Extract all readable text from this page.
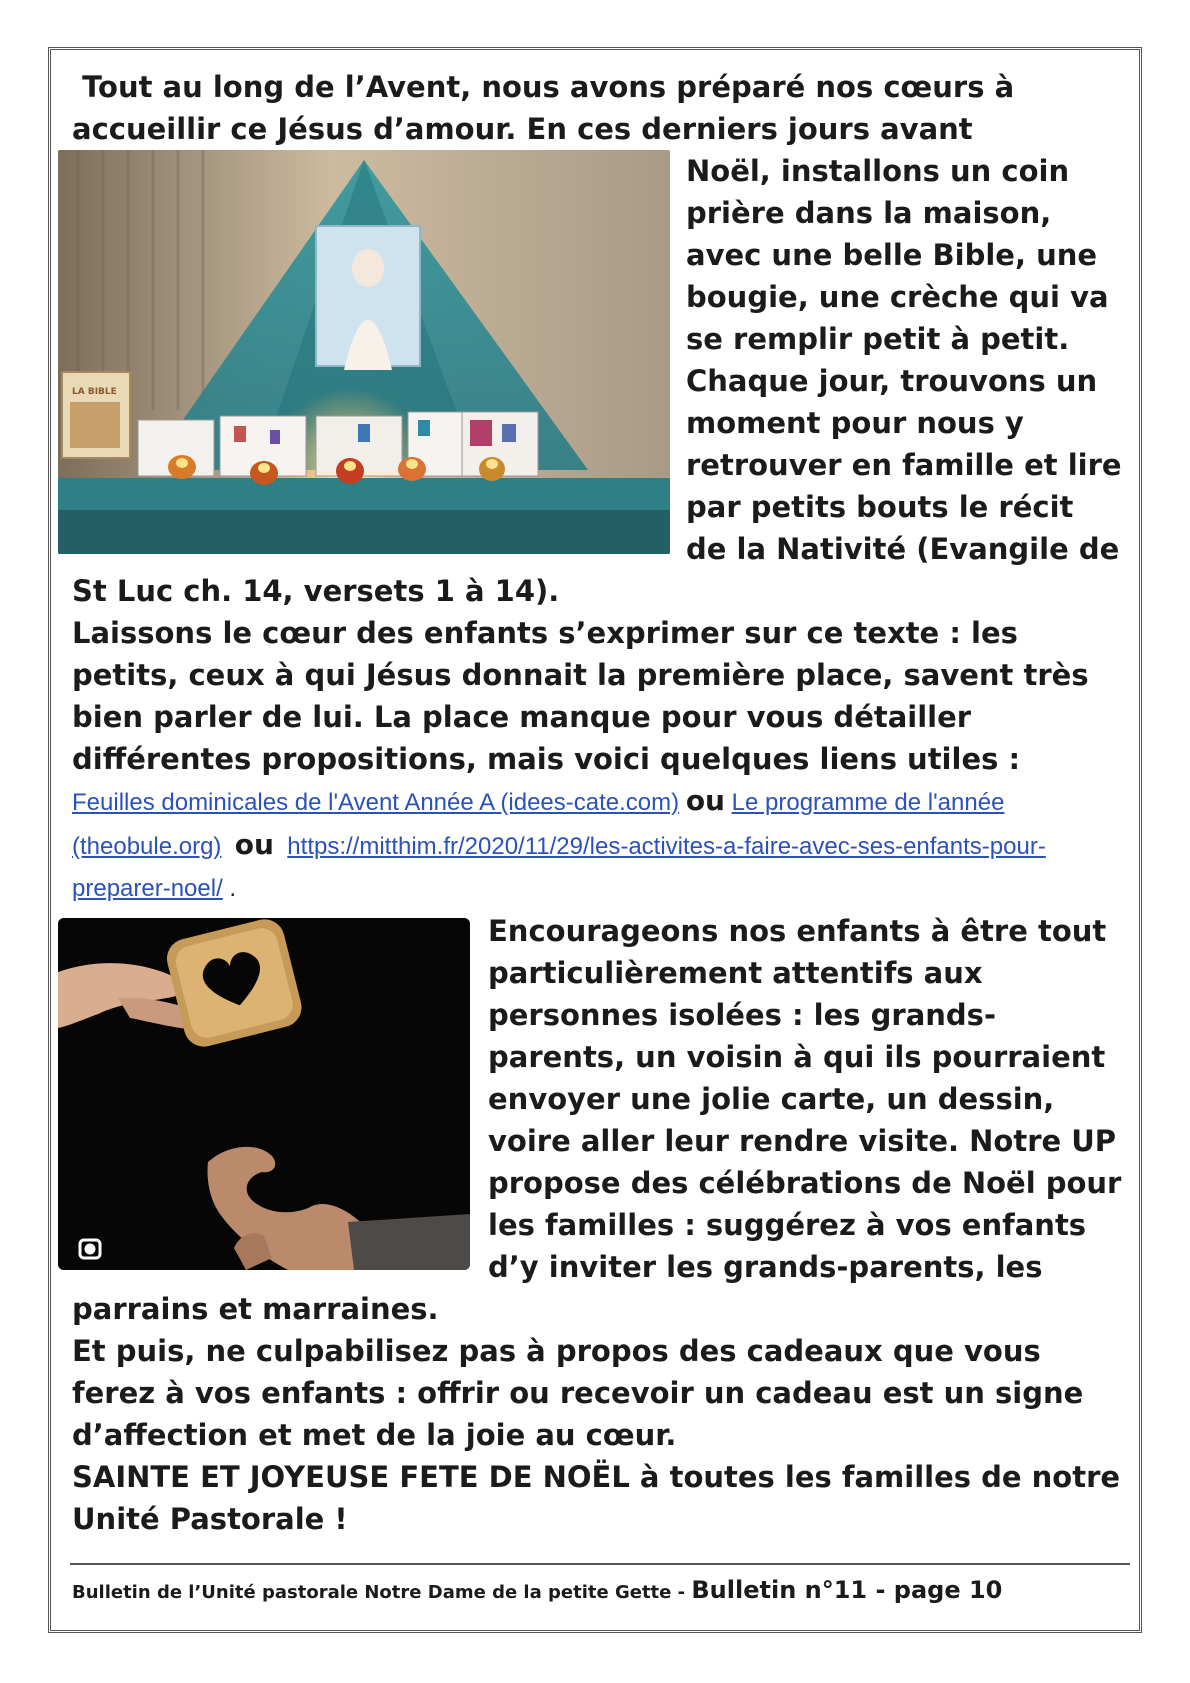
Tout au long de l’Avent, nous avons préparé nos cœurs à

accueillir ce Jésus d’amour. En ces derniers jours avant

LA BIBLE

Noël, installons un coin prière dans la maison, avec une belle Bible, une bougie, une crèche qui va se remplir petit à petit. Chaque jour, trouvons un moment pour nous y retrouver en famille et lire par petits bouts le récit de la Nativité (Evangile de St Luc ch. 14, versets 1 à 14).

Laissons le cœur des enfants s’exprimer sur ce texte : les petits, ceux à qui Jésus donnait la première place, savent très bien parler de lui. La place manque pour vous détailler différentes propositions, mais voici quelques liens utiles :

Feuilles dominicales de l'Avent Année A (idees-cate.com) ou Le programme de l'année (theobule.org) ou https://mitthim.fr/2020/11/29/les-activites-a-faire-avec-ses-enfants-pour-preparer-noel/ .

Encourageons nos enfants à être tout particulièrement attentifs aux personnes isolées : les grands-parents, un voisin à qui ils pourraient envoyer une jolie carte, un dessin, voire aller leur rendre visite. Notre UP propose des célébrations de Noël pour les familles : suggérez à vos enfants d’y inviter les grands-parents, les parrains et marraines.

Et puis, ne culpabilisez pas à propos des cadeaux que vous ferez à vos enfants : offrir ou recevoir un cadeau est un signe d’affection et met de la joie au cœur.

SAINTE ET JOYEUSE FETE DE NOËL à toutes les familles de notre Unité Pastorale !

Bulletin de l’Unité pastorale Notre Dame de la petite Gette - Bulletin n°11 - page 10
